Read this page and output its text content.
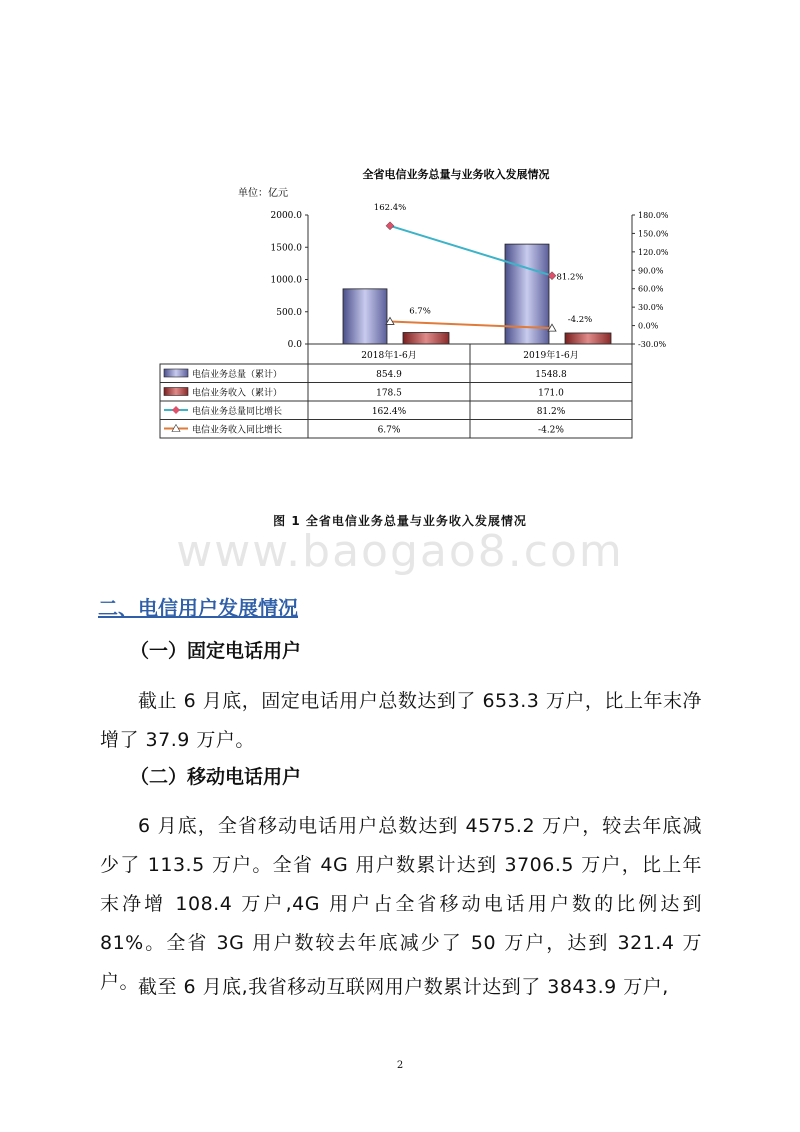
全省电信业务总量与业务收入发展情况
单位：亿元
2000.0
1500.0
1000.0
500.0
0.0
180.0%
150.0%
120.0%
90.0%
60.0%
30.0%
0.0%
-30.0%
162.4%
81.2%
6.7%
-4.2%
2018年1-6月	2019年1-6月
电信业务总量（累计）	854.9	1548.8
电信业务收入（累计）	178.5	171.0
电信业务总量同比增长	162.4%	81.2%
电信业务收入同比增长	6.7%	-4.2%
图 1 全省电信业务总量与业务收入发展情况
www.baogao8.com
二、电信用户发展情况
（一）固定电话用户
截止 6 月底，固定电话用户总数达到了 653.3 万户，比上年末净增了 37.9 万户。
（二）移动电话用户
6 月底，全省移动电话用户总数达到 4575.2 万户，较去年底减少了 113.5 万户。全省 4G 用户数累计达到 3706.5 万户，比上年末净增 108.4 万户,4G 用户占全省移动电话用户数的比例达到 81%。全省 3G 用户数较去年底减少了 50 万户，达到 321.4 万户。
截至 6 月底,我省移动互联网用户数累计达到了 3843.9 万户,
2
